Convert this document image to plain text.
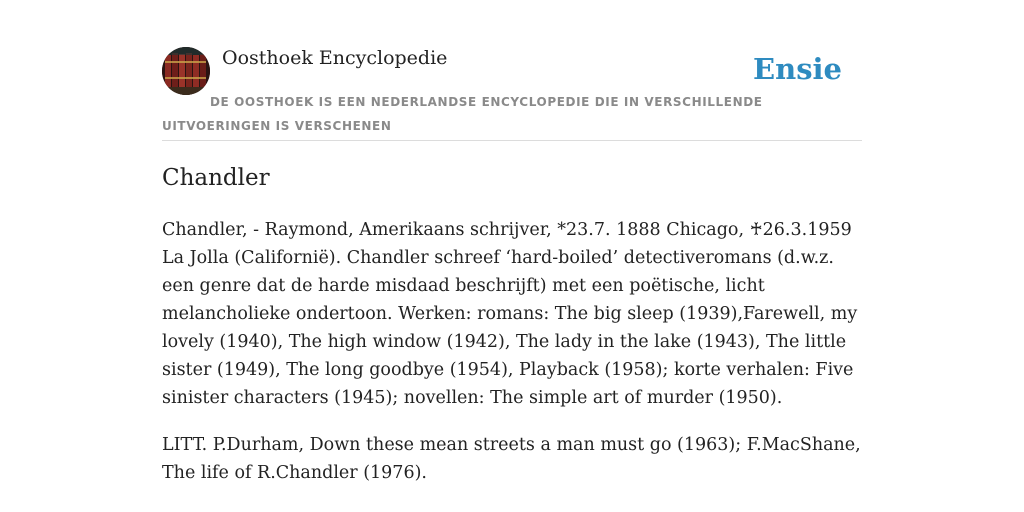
Oosthoek Encyclopedie	Ensie
DE OOSTHOEK IS EEN NEDERLANDSE ENCYCLOPEDIE DIE IN VERSCHILLENDE UITVOERINGEN IS VERSCHENEN
Chandler

Chandler, - Raymond, Amerikaans schrijver, *23.7. 1888 Chicago, ♰26.3.1959 La Jolla (Californië). Chandler schreef ‘hard-boiled’ detectiveromans (d.w.z. een genre dat de harde misdaad beschrijft) met een poëtische, licht melancholieke ondertoon. Werken: romans: The big sleep (1939),Farewell, my lovely (1940), The high window (1942), The lady in the lake (1943), The little sister (1949), The long goodbye (1954), Playback (1958); korte verhalen: Five sinister characters (1945); novellen: The simple art of murder (1950).

LITT. P.Durham, Down these mean streets a man must go (1963); F.MacShane, The life of R.Chandler (1976).
